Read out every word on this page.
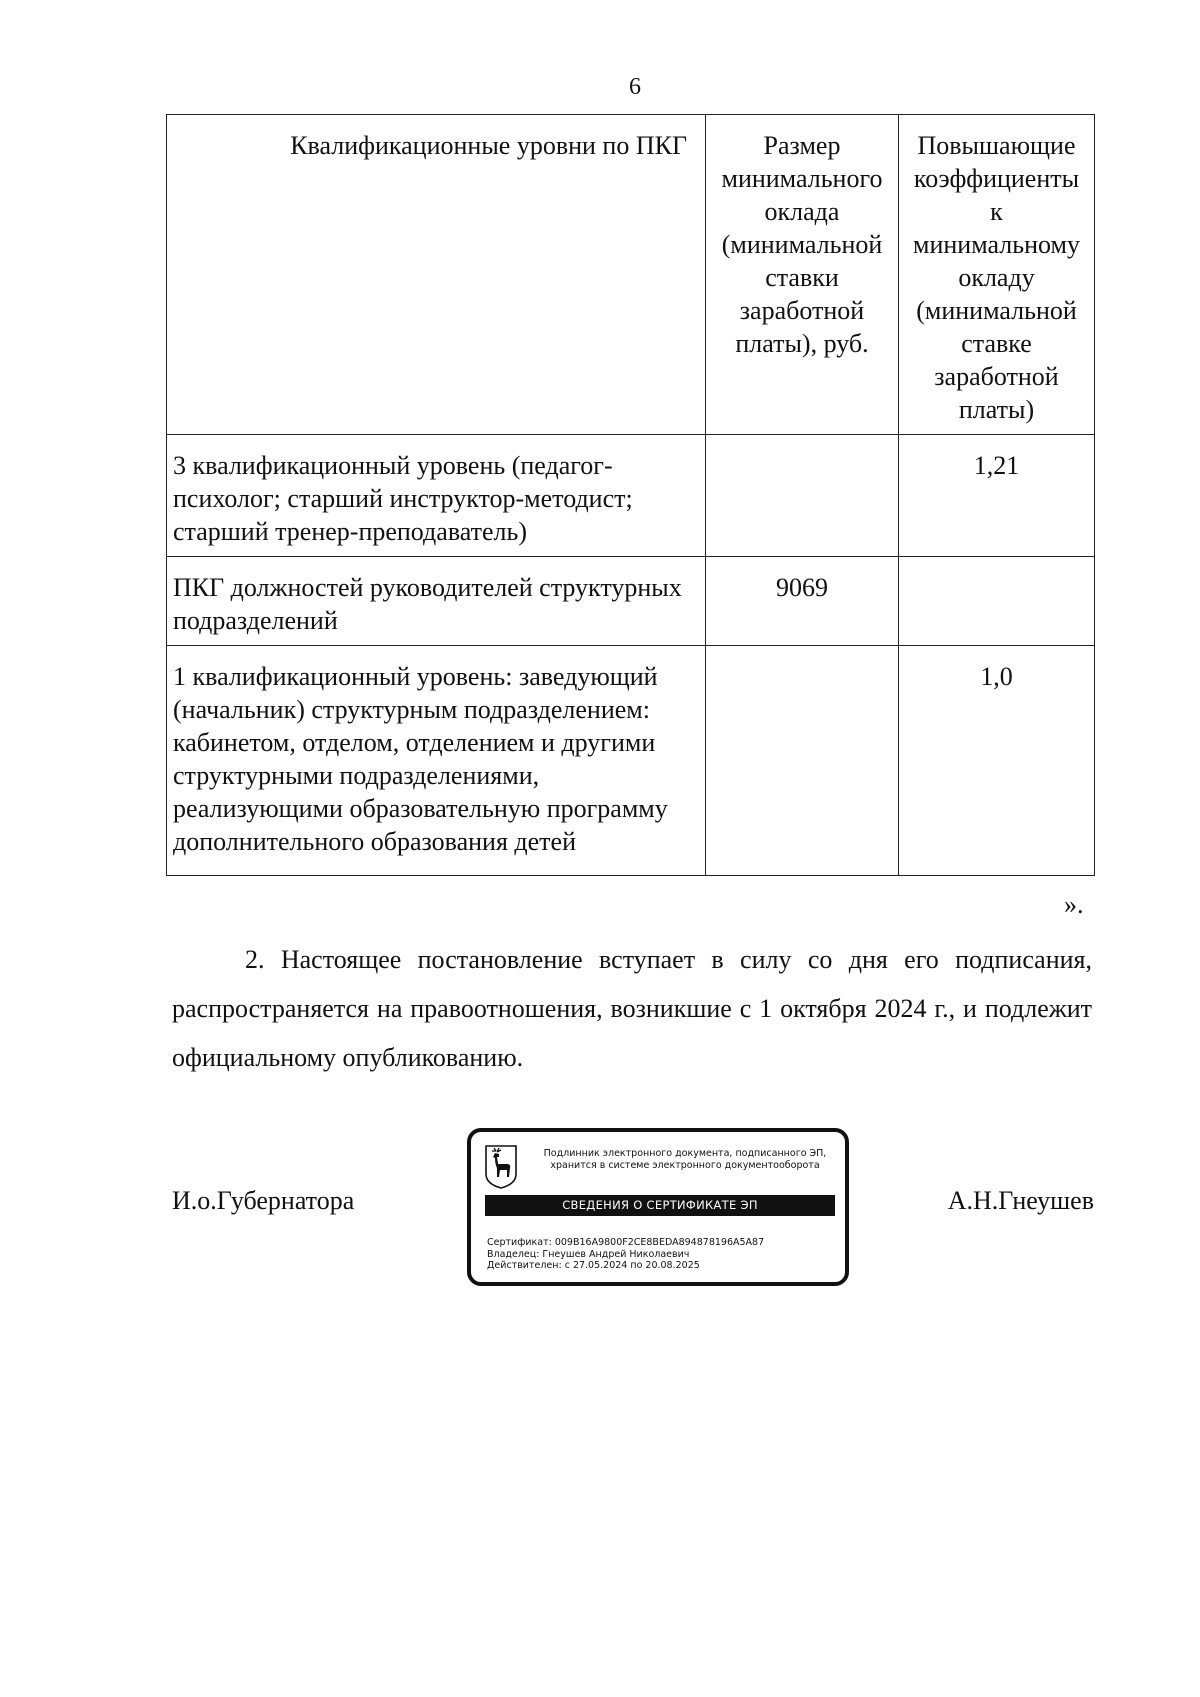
6
Квалификационные уровни по ПКГ	Размер минимального оклада (минимальной ставки заработной платы), руб.	Повышающие коэффициенты к минимальному окладу (минимальной ставке заработной платы)
3 квалификационный уровень (педагог-психолог; старший инструктор-методист; старший тренер-преподаватель)		1,21
ПКГ должностей руководителей структурных подразделений	9069	
1 квалификационный уровень: заведующий (начальник) структурным подразделением: кабинетом, отделом, отделением и другими структурными подразделениями, реализующими образовательную программу дополнительного образования детей		1,0
».

2. Настоящее постановление вступает в силу со дня его подписания, распространяется на правоотношения, возникшие с 1 октября 2024 г., и подлежит официальному опубликованию.

И.о.Губернатора
Подлинник электронного документа, подписанного ЭП,
хранится в системе электронного документооборота
СВЕДЕНИЯ О СЕРТИФИКАТЕ ЭП
Сертификат: 009B16A9800F2CE8BEDA894878196A5A87
Владелец: Гнеушев Андрей Николаевич
Действителен: с 27.05.2024 по 20.08.2025
А.Н.Гнеушев
